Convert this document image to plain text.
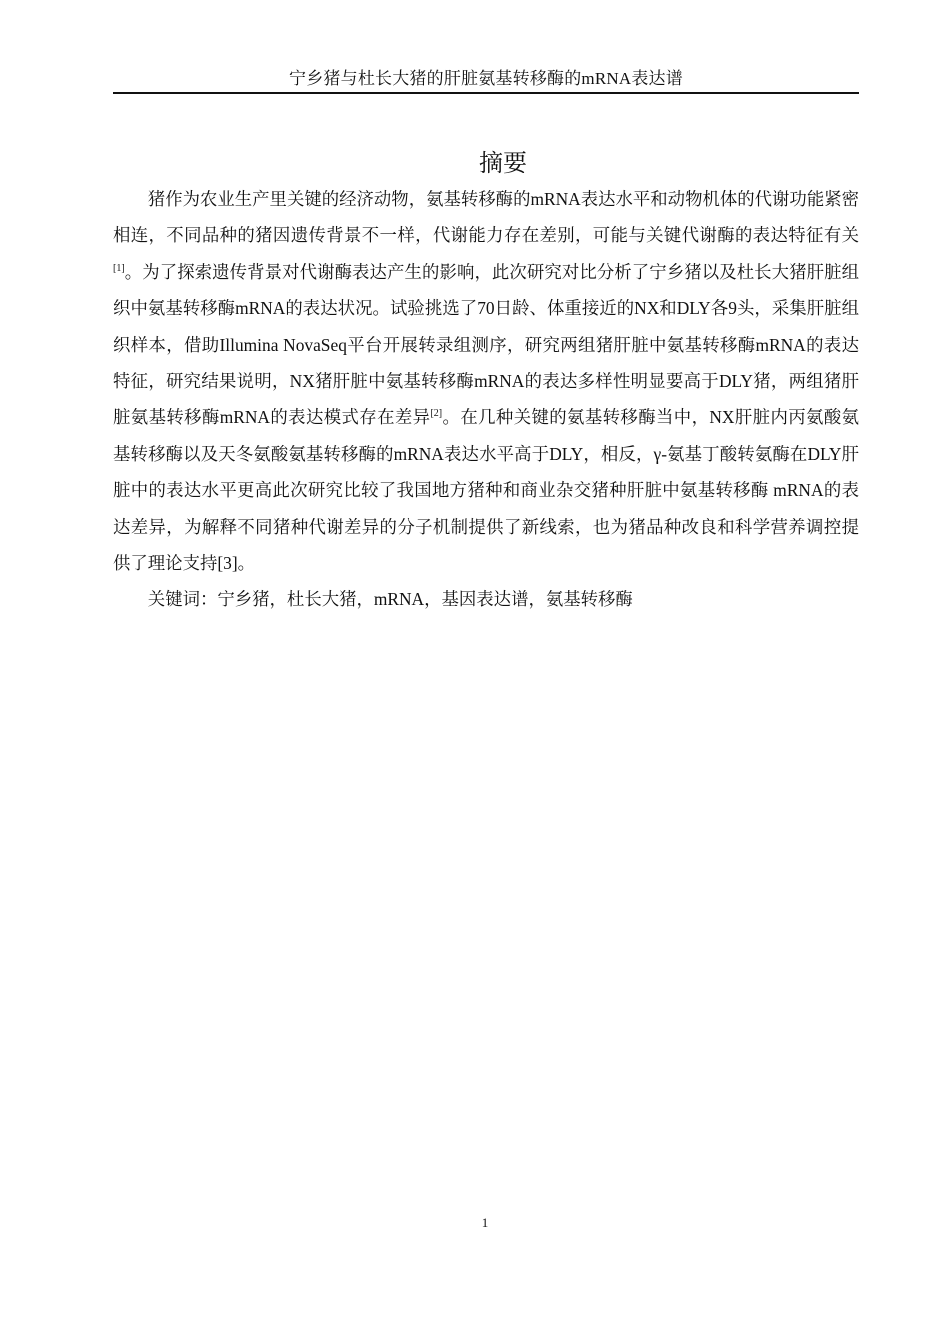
宁乡猪与杜长大猪的肝脏氨基转移酶的mRNA表达谱
摘要

猪作为农业生产里关键的经济动物，氨基转移酶的mRNA表达水平和动物机体的代谢功能紧密相连，不同品种的猪因遗传背景不一样，代谢能力存在差别，可能与关键代谢酶的表达特征有关[1]。为了探索遗传背景对代谢酶表达产生的影响，此次研究对比分析了宁乡猪以及杜长大猪肝脏组织中氨基转移酶mRNA的表达状况。试验挑选了70日龄、体重接近的NX和DLY各9头，采集肝脏组织样本，借助Illumina NovaSeq平台开展转录组测序，研究两组猪肝脏中氨基转移酶mRNA的表达特征，研究结果说明，NX猪肝脏中氨基转移酶mRNA的表达多样性明显要高于DLY猪，两组猪肝脏氨基转移酶mRNA的表达模式存在差异[2]。在几种关键的氨基转移酶当中，NX肝脏内丙氨酸氨基转移酶以及天冬氨酸氨基转移酶的mRNA表达水平高于DLY，相反，γ-氨基丁酸转氨酶在DLY肝脏中的表达水平更高此次研究比较了我国地方猪种和商业杂交猪种肝脏中氨基转移酶 mRNA的表达差异，为解释不同猪种代谢差异的分子机制提供了新线索，也为猪品种改良和科学营养调控提供了理论支持[3]。

关键词：宁乡猪，杜长大猪，mRNA，基因表达谱，氨基转移酶

1
